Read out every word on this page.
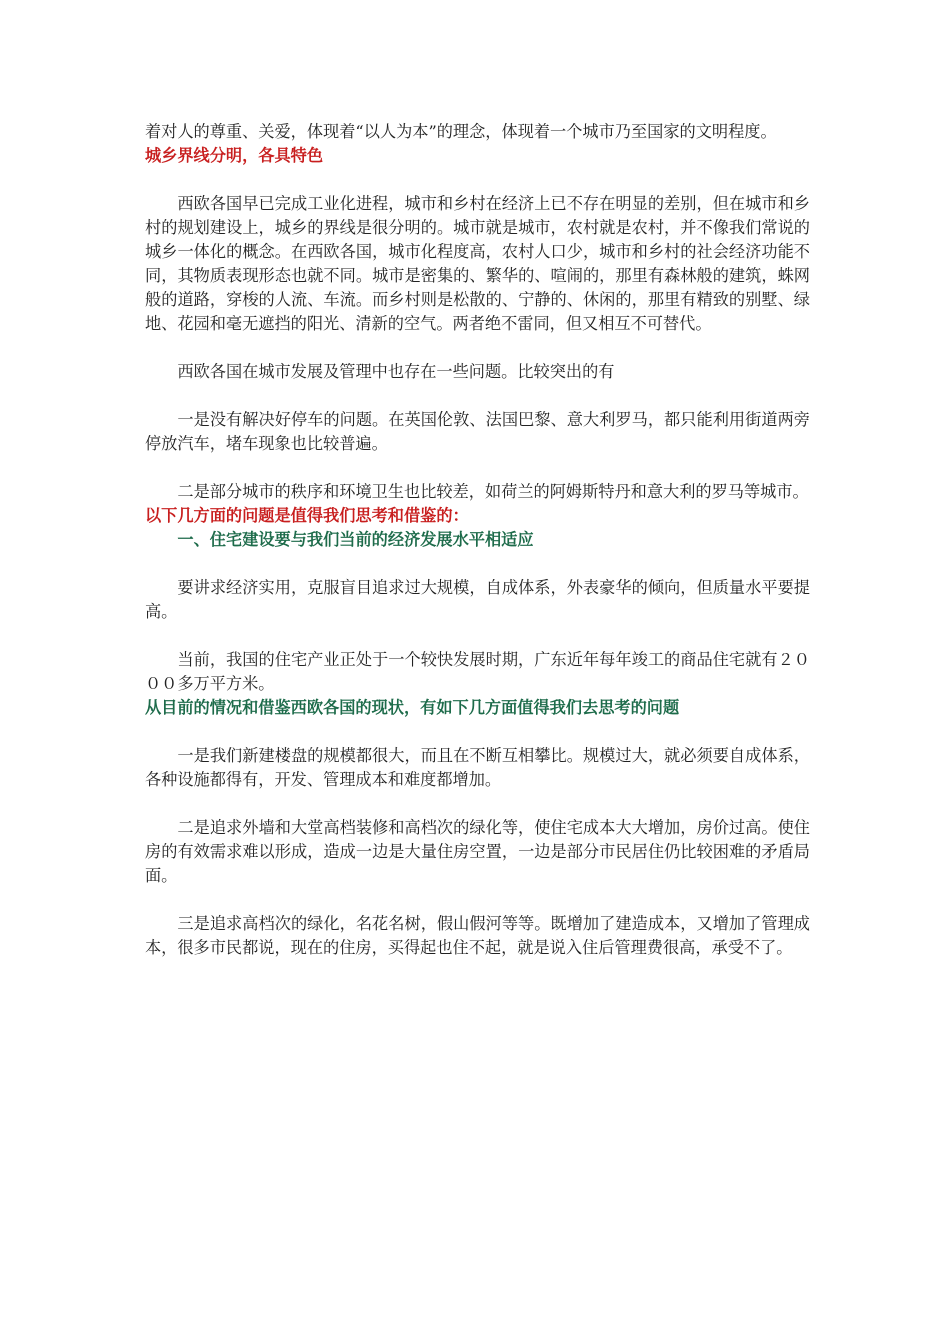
着对人的尊重、关爱，体现着“以人为本”的理念，体现着一个城市乃至国家的文明程度。

城乡界线分明，各具特色

西欧各国早已完成工业化进程，城市和乡村在经济上已不存在明显的差别，但在城市和乡村的规划建设上，城乡的界线是很分明的。城市就是城市，农村就是农村，并不像我们常说的城乡一体化的概念。在西欧各国，城市化程度高，农村人口少，城市和乡村的社会经济功能不同，其物质表现形态也就不同。城市是密集的、繁华的、喧闹的，那里有森林般的建筑，蛛网般的道路，穿梭的人流、车流。而乡村则是松散的、宁静的、休闲的，那里有精致的别墅、绿地、花园和毫无遮挡的阳光、清新的空气。两者绝不雷同，但又相互不可替代。

西欧各国在城市发展及管理中也存在一些问题。比较突出的有

一是没有解决好停车的问题。在英国伦敦、法国巴黎、意大利罗马，都只能利用街道两旁停放汽车，堵车现象也比较普遍。

二是部分城市的秩序和环境卫生也比较差，如荷兰的阿姆斯特丹和意大利的罗马等城市。

以下几方面的问题是值得我们思考和借鉴的：

一、住宅建设要与我们当前的经济发展水平相适应

要讲求经济实用，克服盲目追求过大规模，自成体系，外表豪华的倾向，但质量水平要提高。

当前，我国的住宅产业正处于一个较快发展时期，广东近年每年竣工的商品住宅就有２０００多万平方米。

从目前的情况和借鉴西欧各国的现状，有如下几方面值得我们去思考的问题

一是我们新建楼盘的规模都很大，而且在不断互相攀比。规模过大，就必须要自成体系，各种设施都得有，开发、管理成本和难度都增加。

二是追求外墙和大堂高档装修和高档次的绿化等，使住宅成本大大增加，房价过高。使住房的有效需求难以形成，造成一边是大量住房空置，一边是部分市民居住仍比较困难的矛盾局面。

三是追求高档次的绿化，名花名树，假山假河等等。既增加了建造成本，又增加了管理成本，很多市民都说，现在的住房，买得起也住不起，就是说入住后管理费很高，承受不了。
